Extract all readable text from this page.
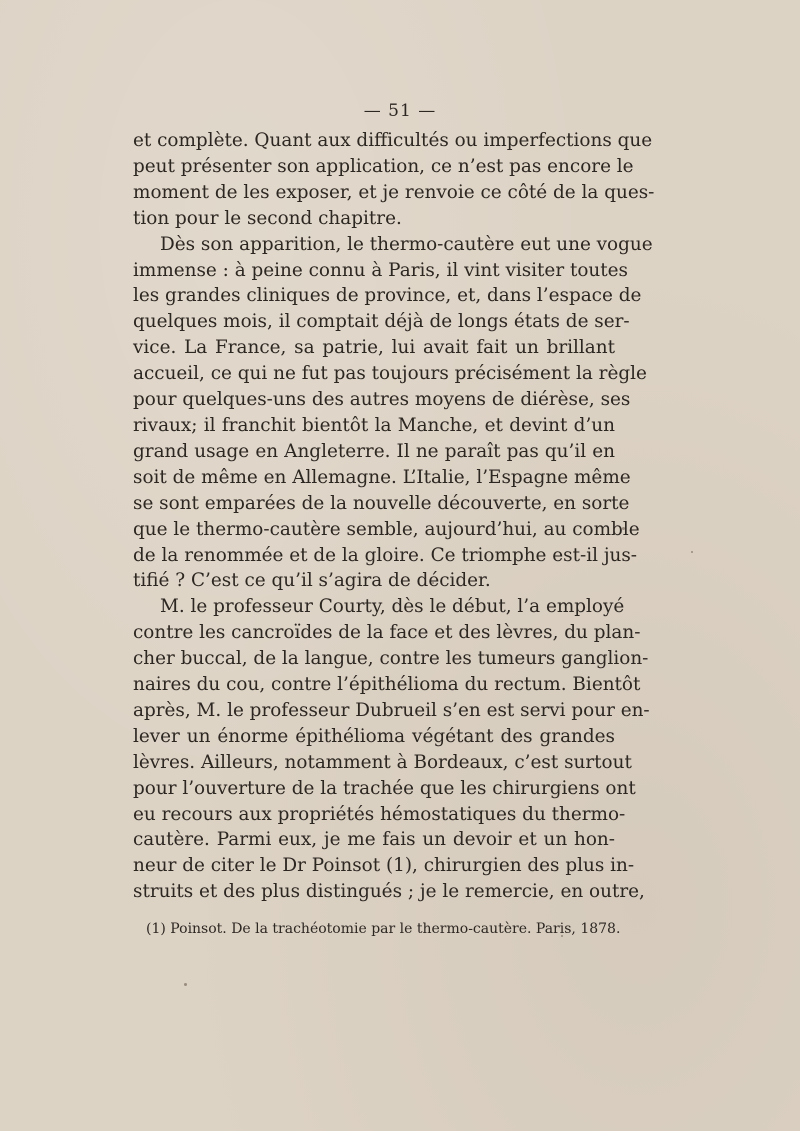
— 51 —
et complète. Quant aux difficultés ou imperfections que
peut présenter son application, ce n’est pas encore le
moment de les exposer, et je renvoie ce côté de la ques-
tion pour le second chapitre.
Dès son apparition, le thermo-cautère eut une vogue
immense : à peine connu à Paris, il vint visiter toutes
les grandes cliniques de province, et, dans l’espace de
quelques mois, il comptait déjà de longs états de ser-
vice. La France, sa patrie, lui avait fait un brillant
accueil, ce qui ne fut pas toujours précisément la règle
pour quelques-uns des autres moyens de diérèse, ses
rivaux; il franchit bientôt la Manche, et devint d’un
grand usage en Angleterre. Il ne paraît pas qu’il en
soit de même en Allemagne. L’Italie, l’Espagne même
se sont emparées de la nouvelle découverte, en sorte
que le thermo-cautère semble, aujourd’hui, au comble
de la renommée et de la gloire. Ce triomphe est-il jus-
tifié ? C’est ce qu’il s’agira de décider.
M. le professeur Courty, dès le début, l’a employé
contre les cancroïdes de la face et des lèvres, du plan-
cher buccal, de la langue, contre les tumeurs ganglion-
naires du cou, contre l’épithélioma du rectum. Bientôt
après, M. le professeur Dubrueil s’en est servi pour en-
lever un énorme épithélioma végétant des grandes
lèvres. Ailleurs, notamment à Bordeaux, c’est surtout
pour l’ouverture de la trachée que les chirurgiens ont
eu recours aux propriétés hémostatiques du thermo-
cautère. Parmi eux, je me fais un devoir et un hon-
neur de citer le Dr Poinsot (1), chirurgien des plus in-
struits et des plus distingués ; je le remercie, en outre,
(1) Poinsot. De la trachéotomie par le thermo-cautère. Paris, 1878.
